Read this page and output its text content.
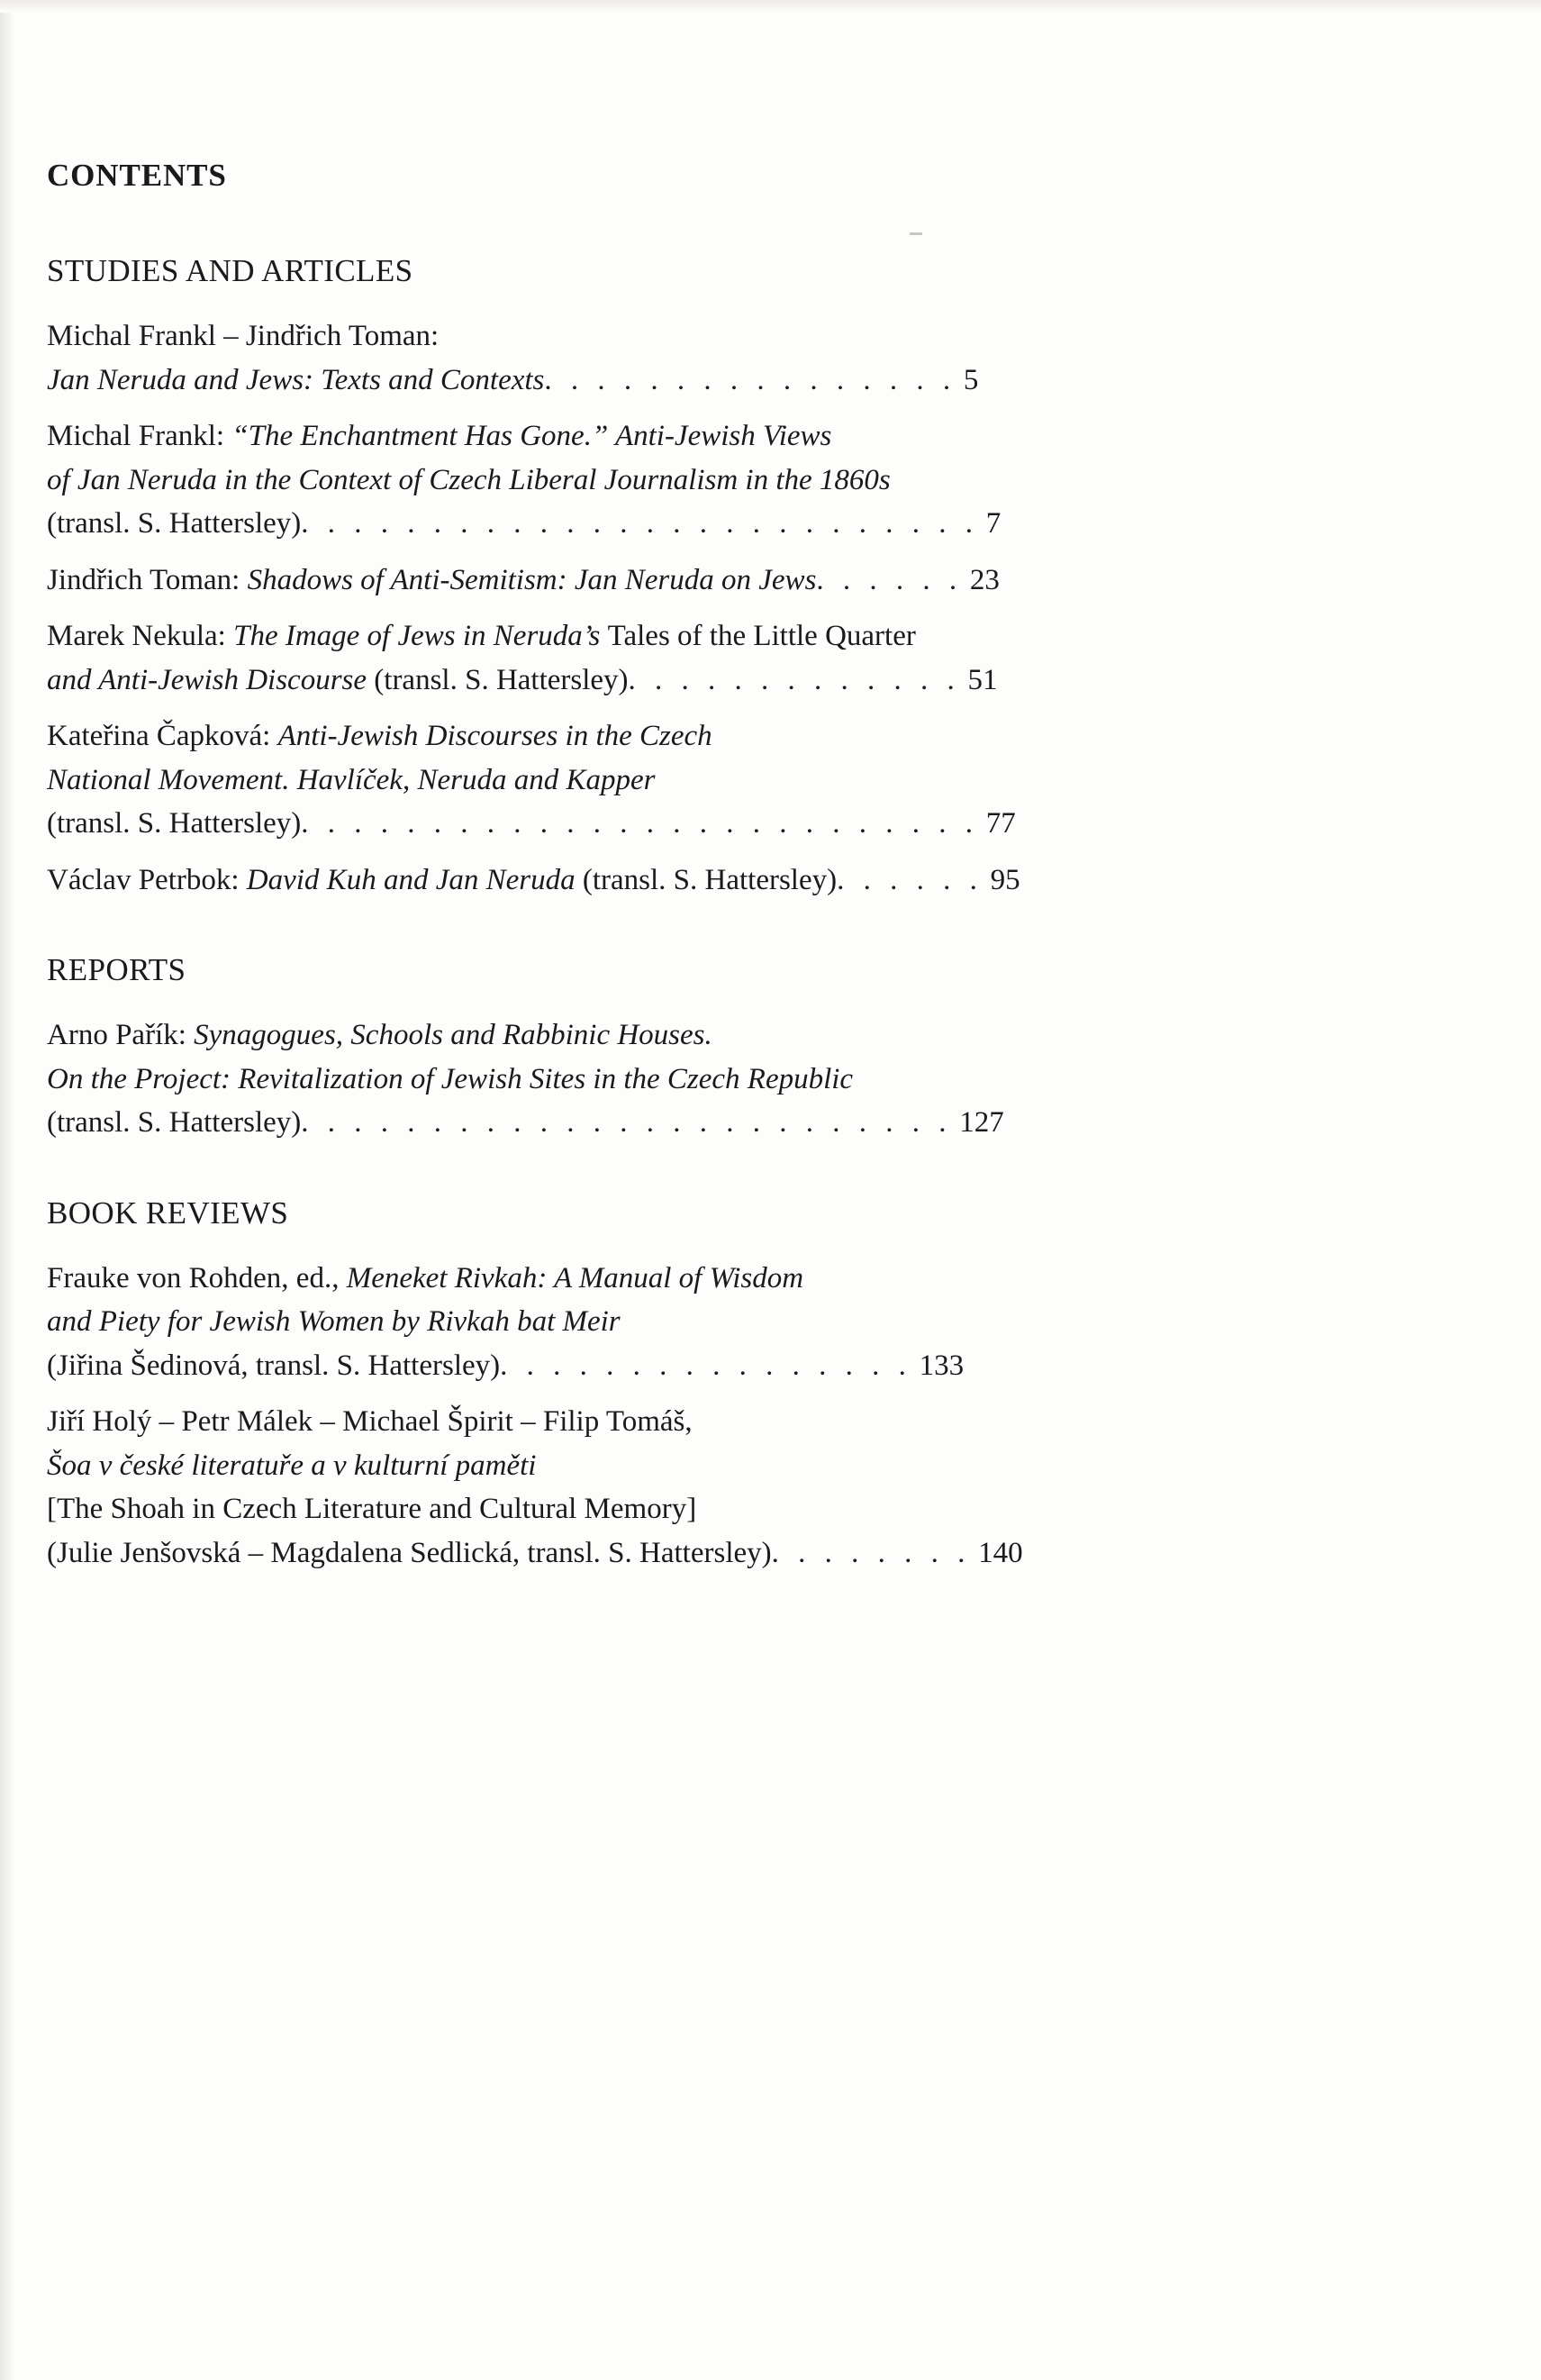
CONTENTS
STUDIES AND ARTICLES
Michal Frankl – Jindřich Toman:
Jan Neruda and Jews: Texts and Contexts. . . . . . . . . . . . . . . . 5
Michal Frankl: “The Enchantment Has Gone.” Anti-Jewish Views
of Jan Neruda in the Context of Czech Liberal Journalism in the 1860s
(transl. S. Hattersley). . . . . . . . . . . . . . . . . . . . . . . . . . 7
Jindřich Toman: Shadows of Anti-Semitism: Jan Neruda on Jews. . . . . . 23
Marek Nekula: The Image of Jews in Neruda’s Tales of the Little Quarter
and Anti-Jewish Discourse (transl. S. Hattersley). . . . . . . . . . . . . 51
Kateřina Čapková: Anti-Jewish Discourses in the Czech
National Movement. Havlíček, Neruda and Kapper
(transl. S. Hattersley). . . . . . . . . . . . . . . . . . . . . . . . . . 77
Václav Petrbok: David Kuh and Jan Neruda (transl. S. Hattersley). . . . . . 95
REPORTS
Arno Pařík: Synagogues, Schools and Rabbinic Houses.
On the Project: Revitalization of Jewish Sites in the Czech Republic
(transl. S. Hattersley). . . . . . . . . . . . . . . . . . . . . . . . . 127
BOOK REVIEWS
Frauke von Rohden, ed., Meneket Rivkah: A Manual of Wisdom
and Piety for Jewish Women by Rivkah bat Meir
(Jiřina Šedinová, transl. S. Hattersley). . . . . . . . . . . . . . . . 133
Jiří Holý – Petr Málek – Michael Špirit – Filip Tomáš,
Šoa v české literatuře a v kulturní paměti
[The Shoah in Czech Literature and Cultural Memory]
(Julie Jenšovská – Magdalena Sedlická, transl. S. Hattersley). . . . . . . . 140
